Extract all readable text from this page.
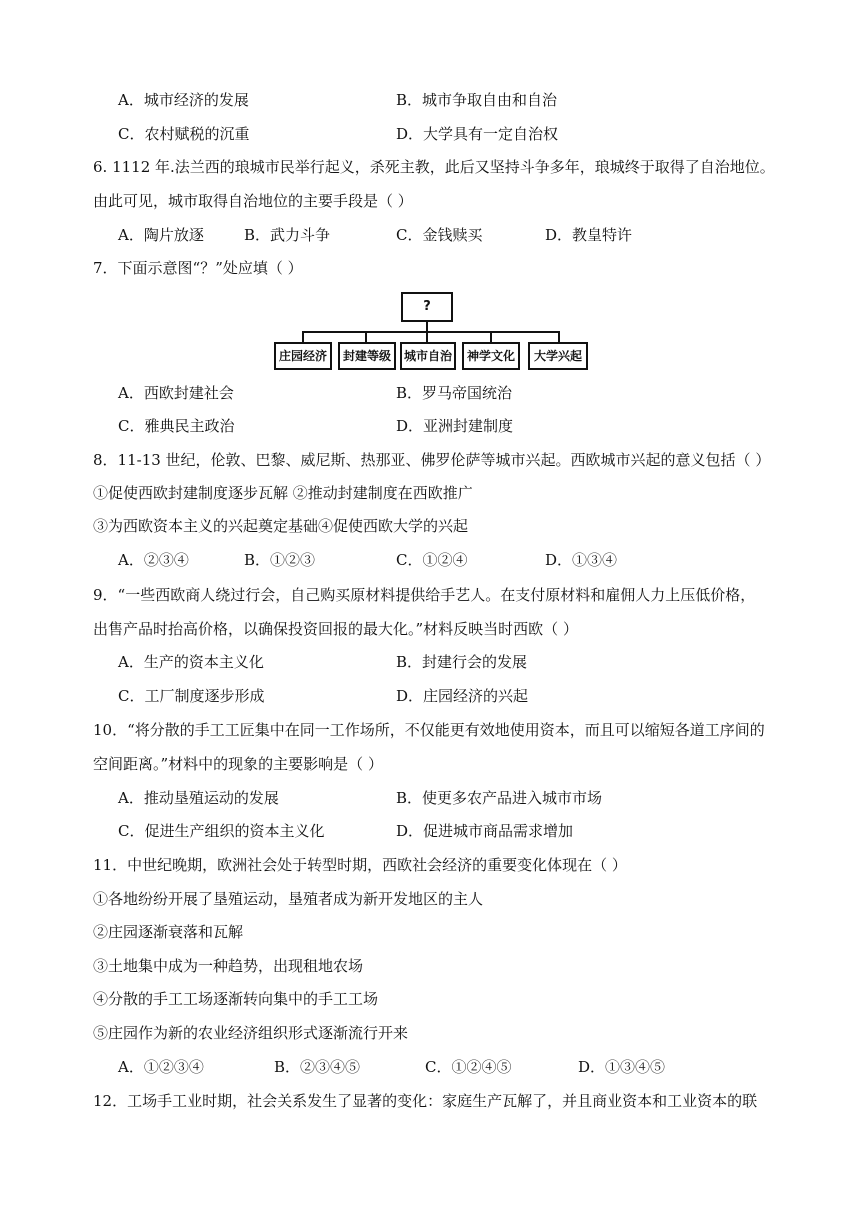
A．城市经济的发展	B．城市争取自由和自治
C．农村赋税的沉重	D．大学具有一定自治权
6. 1112 年.法兰西的琅城市民举行起义，杀死主教，此后又坚持斗争多年，琅城终于取得了自治地位。
由此可见，城市取得自治地位的主要手段是（ ）
A．陶片放逐	B．武力斗争	C．金钱赎买	D．教皇特许
7．下面示意图“？”处应填（ ）
?
庄园经济	封建等级	城市自治	神学文化	大学兴起
A．西欧封建社会	B．罗马帝国统治
C．雅典民主政治	D．亚洲封建制度
8．11-13 世纪，伦敦、巴黎、威尼斯、热那亚、佛罗伦萨等城市兴起。西欧城市兴起的意义包括（ ）
①促使西欧封建制度逐步瓦解 ②推动封建制度在西欧推广
③为西欧资本主义的兴起奠定基础④促使西欧大学的兴起
A．②③④	B．①②③	C．①②④	D．①③④
9．“一些西欧商人绕过行会，自己购买原材料提供给手艺人。在支付原材料和雇佣人力上压低价格，
出售产品时抬高价格，以确保投资回报的最大化。”材料反映当时西欧（ ）
A．生产的资本主义化	B．封建行会的发展
C．工厂制度逐步形成	D．庄园经济的兴起
10．“将分散的手工工匠集中在同一工作场所，不仅能更有效地使用资本，而且可以缩短各道工序间的
空间距离。”材料中的现象的主要影响是（ ）
A．推动垦殖运动的发展	B．使更多农产品进入城市市场
C．促进生产组织的资本主义化	D．促进城市商品需求增加
11．中世纪晚期，欧洲社会处于转型时期，西欧社会经济的重要变化体现在（ ）
①各地纷纷开展了垦殖运动，垦殖者成为新开发地区的主人
②庄园逐渐衰落和瓦解
③土地集中成为一种趋势，出现租地农场
④分散的手工工场逐渐转向集中的手工工场
⑤庄园作为新的农业经济组织形式逐渐流行开来
A．①②③④	B．②③④⑤	C．①②④⑤	D．①③④⑤
12．工场手工业时期，社会关系发生了显著的变化：家庭生产瓦解了，并且商业资本和工业资本的联
